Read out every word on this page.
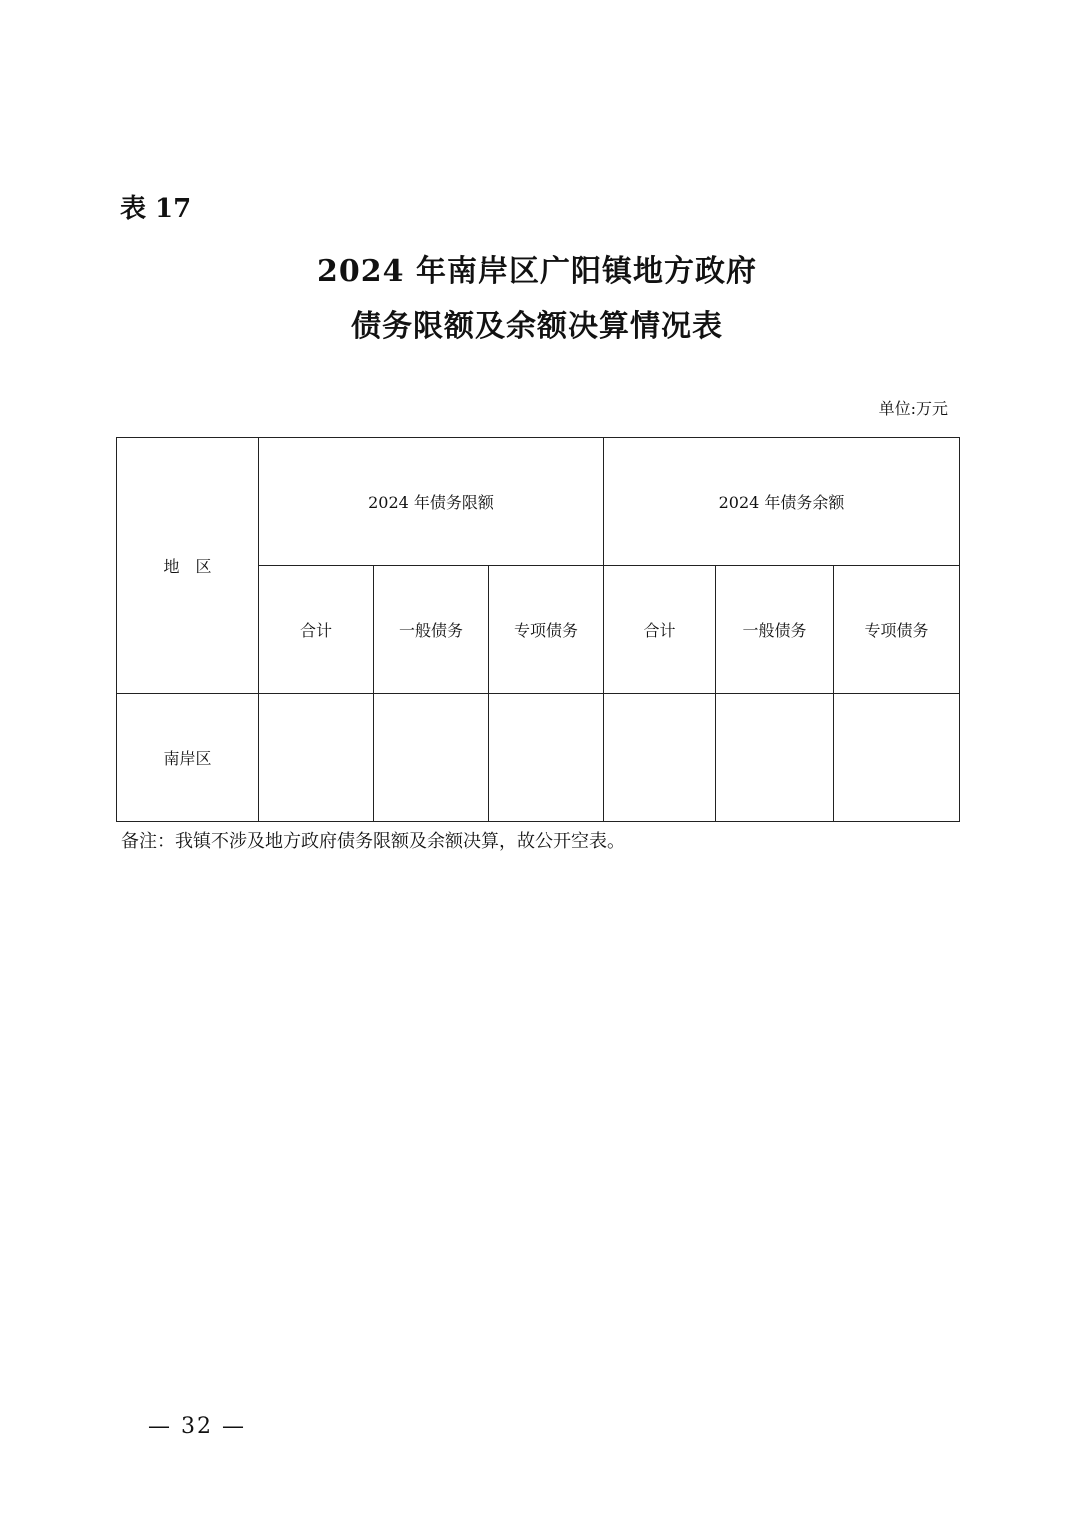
表 17
2024 年南岸区广阳镇地方政府
债务限额及余额决算情况表
单位:万元
地　区	2024 年债务限额			2024 年债务余额		
	合计	一般债务	专项债务	合计	一般债务	专项债务
南岸区						
备注：我镇不涉及地方政府债务限额及余额决算，故公开空表。
— 32 —
